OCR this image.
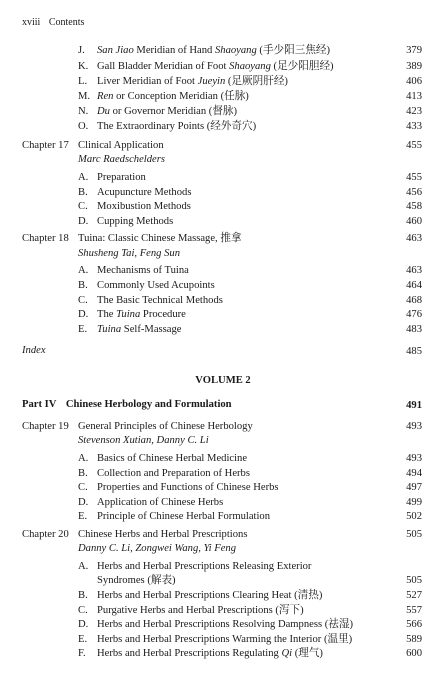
xviii Contents
J. San Jiao Meridian of Hand Shaoyang (手少阳三焦经)	379
K. Gall Bladder Meridian of Foot Shaoyang (足少阳胆经)	389
L. Liver Meridian of Foot Jueyin (足厥阴肝经)	406
M. Ren or Conception Meridian (任脉)	413
N. Du or Governor Meridian (督脉)	423
O. The Extraordinary Points (经外奇穴)	433
Chapter 17 Clinical Application	455
Marc Raedschelders
A. Preparation	455
B. Acupuncture Methods	456
C. Moxibustion Methods	458
D. Cupping Methods	460
Chapter 18 Tuina: Classic Chinese Massage, 推拿	463
Shusheng Tai, Feng Sun
A. Mechanisms of Tuina	463
B. Commonly Used Acupoints	464
C. The Basic Technical Methods	468
D. The Tuina Procedure	476
E. Tuina Self-Massage	483
Index	485
VOLUME 2
Part IV Chinese Herbology and Formulation	491
Chapter 19 General Principles of Chinese Herbology	493
Stevenson Xutian, Danny C. Li
A. Basics of Chinese Herbal Medicine	493
B. Collection and Preparation of Herbs	494
C. Properties and Functions of Chinese Herbs	497
D. Application of Chinese Herbs	499
E. Principle of Chinese Herbal Formulation	502
Chapter 20 Chinese Herbs and Herbal Prescriptions	505
Danny C. Li, Zongwei Wang, Yi Feng
A. Herbs and Herbal Prescriptions Releasing Exterior
Syndromes (解表)	505
B. Herbs and Herbal Prescriptions Clearing Heat (清热)	527
C. Purgative Herbs and Herbal Prescriptions (泻下)	557
D. Herbs and Herbal Prescriptions Resolving Dampness (祛湿)	566
E. Herbs and Herbal Prescriptions Warming the Interior (温里)	589
F. Herbs and Herbal Prescriptions Regulating Qi (理气)	600
